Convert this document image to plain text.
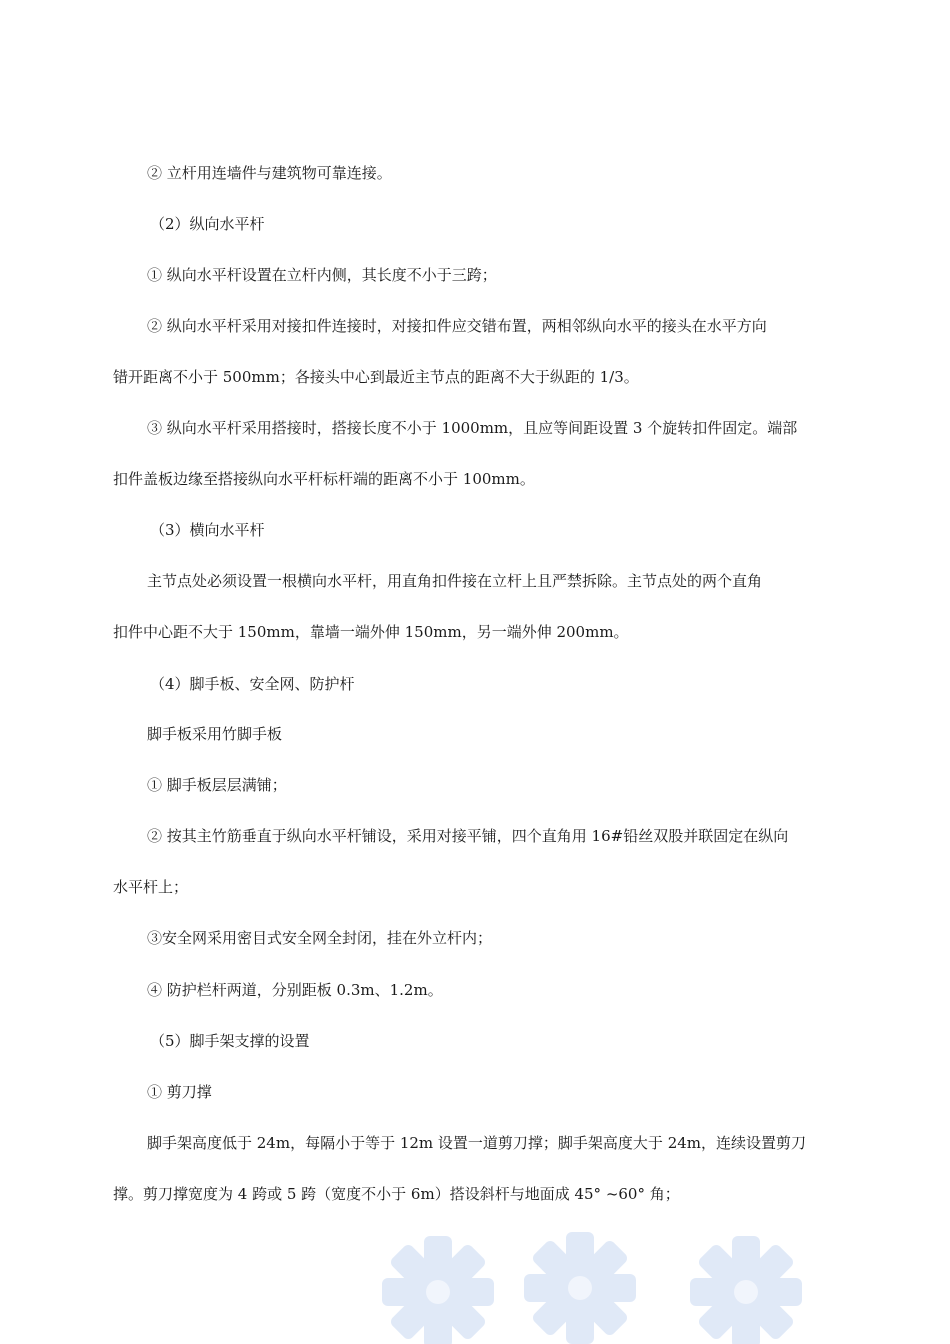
② 立杆用连墙件与建筑物可靠连接。
（2）纵向水平杆
① 纵向水平杆设置在立杆内侧，其长度不小于三跨；
② 纵向水平杆采用对接扣件连接时，对接扣件应交错布置，两相邻纵向水平的接头在水平方向
错开距离不小于 500mm；各接头中心到最近主节点的距离不大于纵距的 1/3。
③ 纵向水平杆采用搭接时，搭接长度不小于 1000mm，且应等间距设置 3 个旋转扣件固定。端部
扣件盖板边缘至搭接纵向水平杆标杆端的距离不小于 100mm。
（3）横向水平杆
主节点处必须设置一根横向水平杆，用直角扣件接在立杆上且严禁拆除。主节点处的两个直角
扣件中心距不大于 150mm，靠墙一端外伸 150mm，另一端外伸 200mm。
（4）脚手板、安全网、防护杆
脚手板采用竹脚手板
① 脚手板层层满铺；
② 按其主竹筋垂直于纵向水平杆铺设，采用对接平铺，四个直角用 16#铅丝双股并联固定在纵向
水平杆上；
③安全网采用密目式安全网全封闭，挂在外立杆内；
④ 防护栏杆两道，分别距板 0.3m、1.2m。
（5）脚手架支撑的设置
① 剪刀撑
脚手架高度低于 24m，每隔小于等于 12m 设置一道剪刀撑；脚手架高度大于 24m，连续设置剪刀
撑。剪刀撑宽度为 4 跨或 5 跨（宽度不小于 6m）搭设斜杆与地面成 45° ~60° 角；
